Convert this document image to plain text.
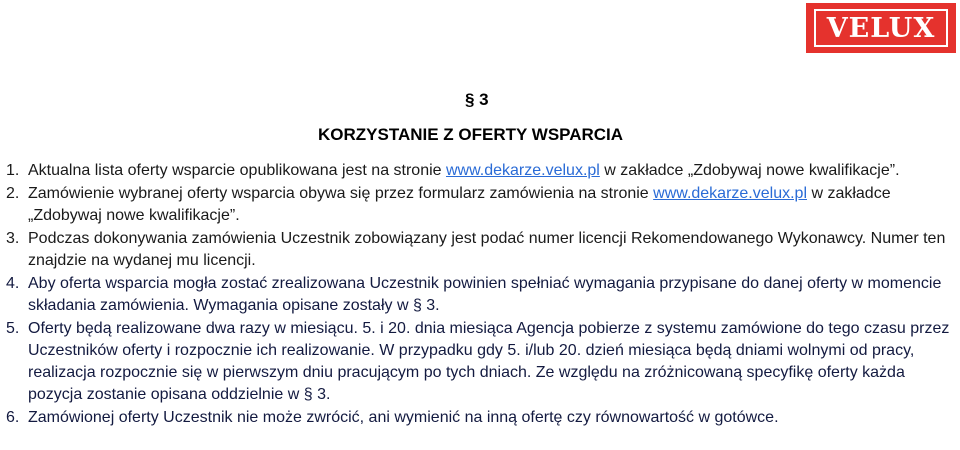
VELUX
§ 3
KORZYSTANIE Z OFERTY WSPARCIA
1. Aktualna lista oferty wsparcie opublikowana jest na stronie www.dekarze.velux.pl w zakładce „Zdobywaj nowe kwalifikacje”.
2. Zamówienie wybranej oferty wsparcia obywa się przez formularz zamówienia na stronie www.dekarze.velux.pl w zakładce „Zdobywaj nowe kwalifikacje”.
3. Podczas dokonywania zamówienia Uczestnik zobowiązany jest podać numer licencji Rekomendowanego Wykonawcy. Numer ten znajdzie na wydanej mu licencji.
4. Aby oferta wsparcia mogła zostać zrealizowana Uczestnik powinien spełniać wymagania przypisane do danej oferty w momencie składania zamówienia. Wymagania opisane zostały w § 3.
5. Oferty będą realizowane dwa razy w miesiącu. 5. i 20. dnia miesiąca Agencja pobierze z systemu zamówione do tego czasu przez Uczestników oferty i rozpocznie ich realizowanie. W przypadku gdy 5. i/lub 20. dzień miesiąca będą dniami wolnymi od pracy, realizacja rozpocznie się w pierwszym dniu pracującym po tych dniach. Ze względu na zróżnicowaną specyfikę oferty każda pozycja zostanie opisana oddzielnie w § 3.
6. Zamówionej oferty Uczestnik nie może zwrócić, ani wymienić na inną ofertę czy równowartość w gotówce.
